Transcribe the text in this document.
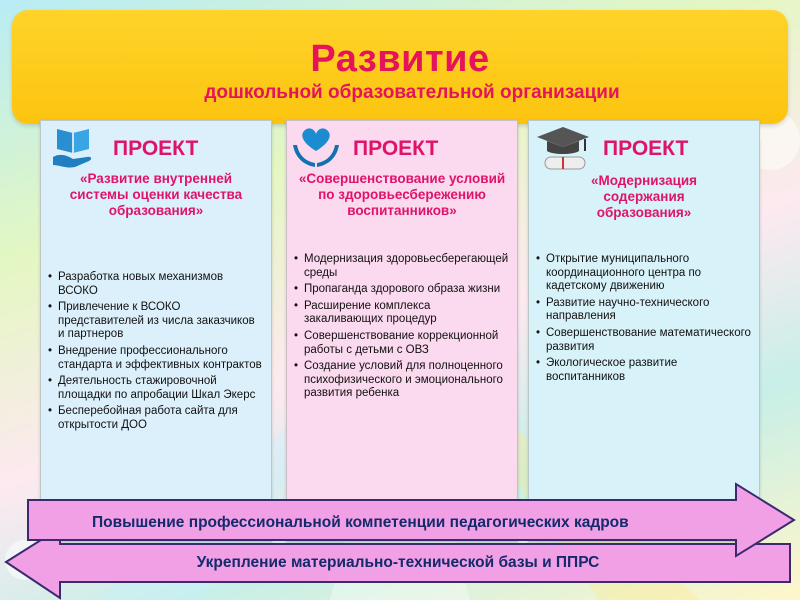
Развитие
дошкольной образовательной организации
ПРОЕКТ
«Развитие внутренней системы оценки качества образования»
• Разработка новых механизмов ВСОКО
• Привлечение к ВСОКО представителей из числа заказчиков и партнеров
• Внедрение профессионального стандарта и эффективных контрактов
• Деятельность стажировочной площадки по апробации Шкал Экерс
• Бесперебойная работа сайта для открытости ДОО
ПРОЕКТ
«Совершенствование условий по здоровьесбережению воспитанников»
• Модернизация здоровьесберегающей среды
• Пропаганда здорового образа жизни
• Расширение комплекса закаливающих процедур
• Совершенствование коррекционной работы с детьми с ОВЗ
• Создание условий для полноценного психофизического и эмоционального развития ребенка
ПРОЕКТ
«Модернизация содержания образования»
• Открытие муниципального координационного центра по кадетскому движению
• Развитие научно-технического направления
• Совершенствование математического развития
• Экологическое развитие воспитанников
Повышение профессиональной компетенции педагогических кадров
Укрепление материально-технической базы и ППРС
